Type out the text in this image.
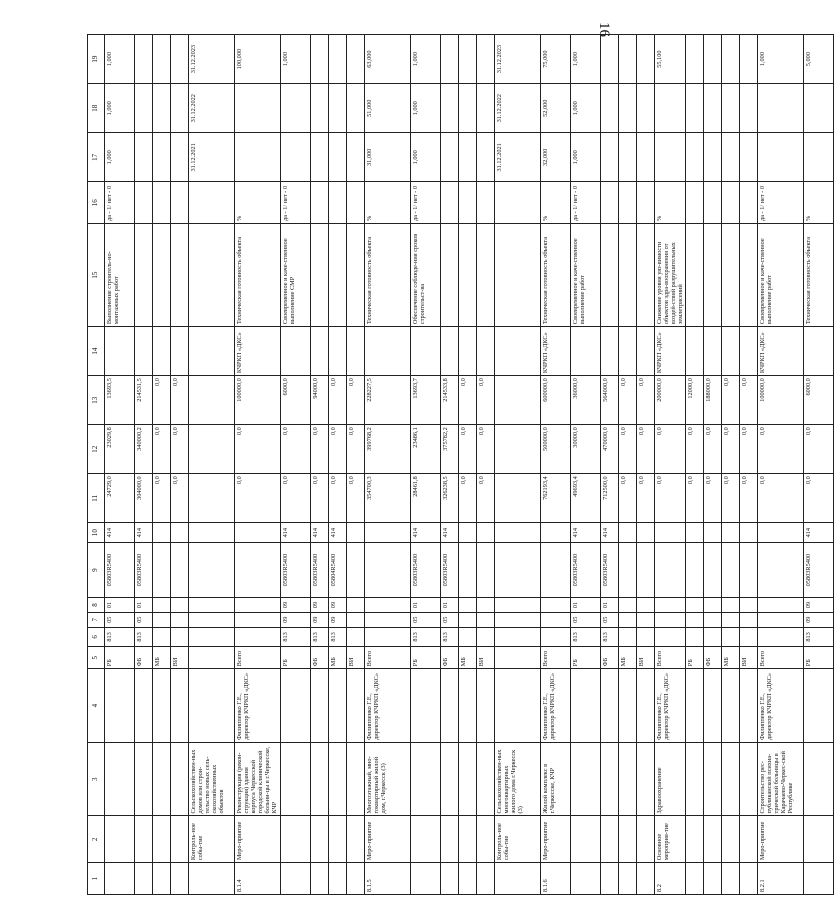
16
1	2	3	4	5	6	7	8	9	10	11	12	13	14	15	16	17	18	19
				РБ	813	05	01	05803R5400	414	24729,0	23029,8	13693,5		Выполнение строитель-но-монтажных работ	да - 1/ нет - 0	1,000	1,000	1,000
				ФБ	813	05	01	05803R5400	414	304000,0	340000,2	214531,5						
				МБ						0,0	0,0	0,0						
				ВИ						0,0	0,0	0,0						
	Контроль-ное собы-тие	Сельскохозяйствен-ных домов или строи-тельство новых сель-скохозяйственных объектов														31.12.2021	31.12.2022	31.12.2023
8.1.4	Меро-приятие	Реконструкция (рекон-струкция) здания корпуса Черкесской городской клинической больни-цы в г.Черкесске, КЧР	Филиппенко Г.Е., директор КЧРКП «ДКС»	Всего						0,0	0,0	100000,0	КЧРКП «ДКС»	Техническая готовность объекта	%			100,000
				РБ	813	09	09	05803R5400	414	0,0	0,0	6000,0		Своевременное и каче-ственное выполнение СМР	да - 1/ нет - 0			1,000
				ФБ	813	09	09	05803R5400	414	0,0	0,0	94000,0						
				МБ	813	09	09	05804R5400	414	0,0	0,0	0,0						
				ВИ						0,0	0,0	0,0						
8.1.5	Меро-приятие	Многоэтажный, мно-гоквартирный жилой дом, г.Черкесск (3)	Филиппенко Г.Е., директор КЧРКП «ДКС»	Всего						354700,3	399768,2	228227,5		Техническая готовность объекта	%	31,000	51,000	63,000
				РБ	813	05	01	05803R5400	414	28461,8	23486,1	13693,7		Обеспечение соблюде-ния сроков строительст-ва	да - 1/ нет - 0	1,000	1,000	1,000
				ФБ	813	05	01	05803R5400	414	326238,5	375782,2	214533,8						
				МБ						0,0	0,0	0,0						
				ВИ						0,0	0,0	0,0						
	Контроль-ное собы-тие	Сельскохозяйствен-ных многоквартирных жилого дома г.Черкесск (3)														31.12.2021	31.12.2022	31.12.2023
8.1.6	Меро-приятие	Жилой комплекс в г.Черкесске, КЧР	Филиппенко Г.Е., директор КЧРКП «ДКС»	Всего						762193,4	500000,0	600000,0	КЧРКП «ДКС»	Техническая готовность объекта	%	32,000	52,000	75,000
				РБ	813	05	01	05803R5400	414	49693,4	30000,0	36000,0		Своевременное и каче-ственное выполнение работ	да - 1/ нет - 0	1,000	1,000	1,000
				ФБ	813	05	01	05803R5400	414	712500,0	470000,0	564000,0						
				МБ						0,0	0,0	0,0						
				ВИ						0,0	0,0	0,0						
8.2	Основное мероприя-тие	Здравоохранение	Филиппенко Г.Е., директор КЧРКП «ДКС»	Всего						0,0	0,0	200000,0	КЧРКП «ДКС»	Снижение уровня уяз-вимости объектов здра-воохранения от воздей-ствий разрушительных землетрясений	%			55,100
				РБ						0,0	0,0	12000,0						
				ФБ						0,0	0,0	188000,0						
				МБ						0,0	0,0	0,0						
				ВИ						0,0	0,0	0,0						
8.2.1	Меро-приятие	Строительство рес-публиканской психиа-трической больницы в Карачаево-Черкес-ской Республике	Филиппенко Г.Е., директор КЧРКП «ДКС»	Всего						0,0	0,0	100000,0	КЧРКП «ДКС»	Своевременное и каче-ственное выполнение работ	да - 1/ нет - 0			1,000
				РБ	813	09	09	05803R5400	414	0,0	0,0	6000,0		Техническая готовность объекта	%			5,000
